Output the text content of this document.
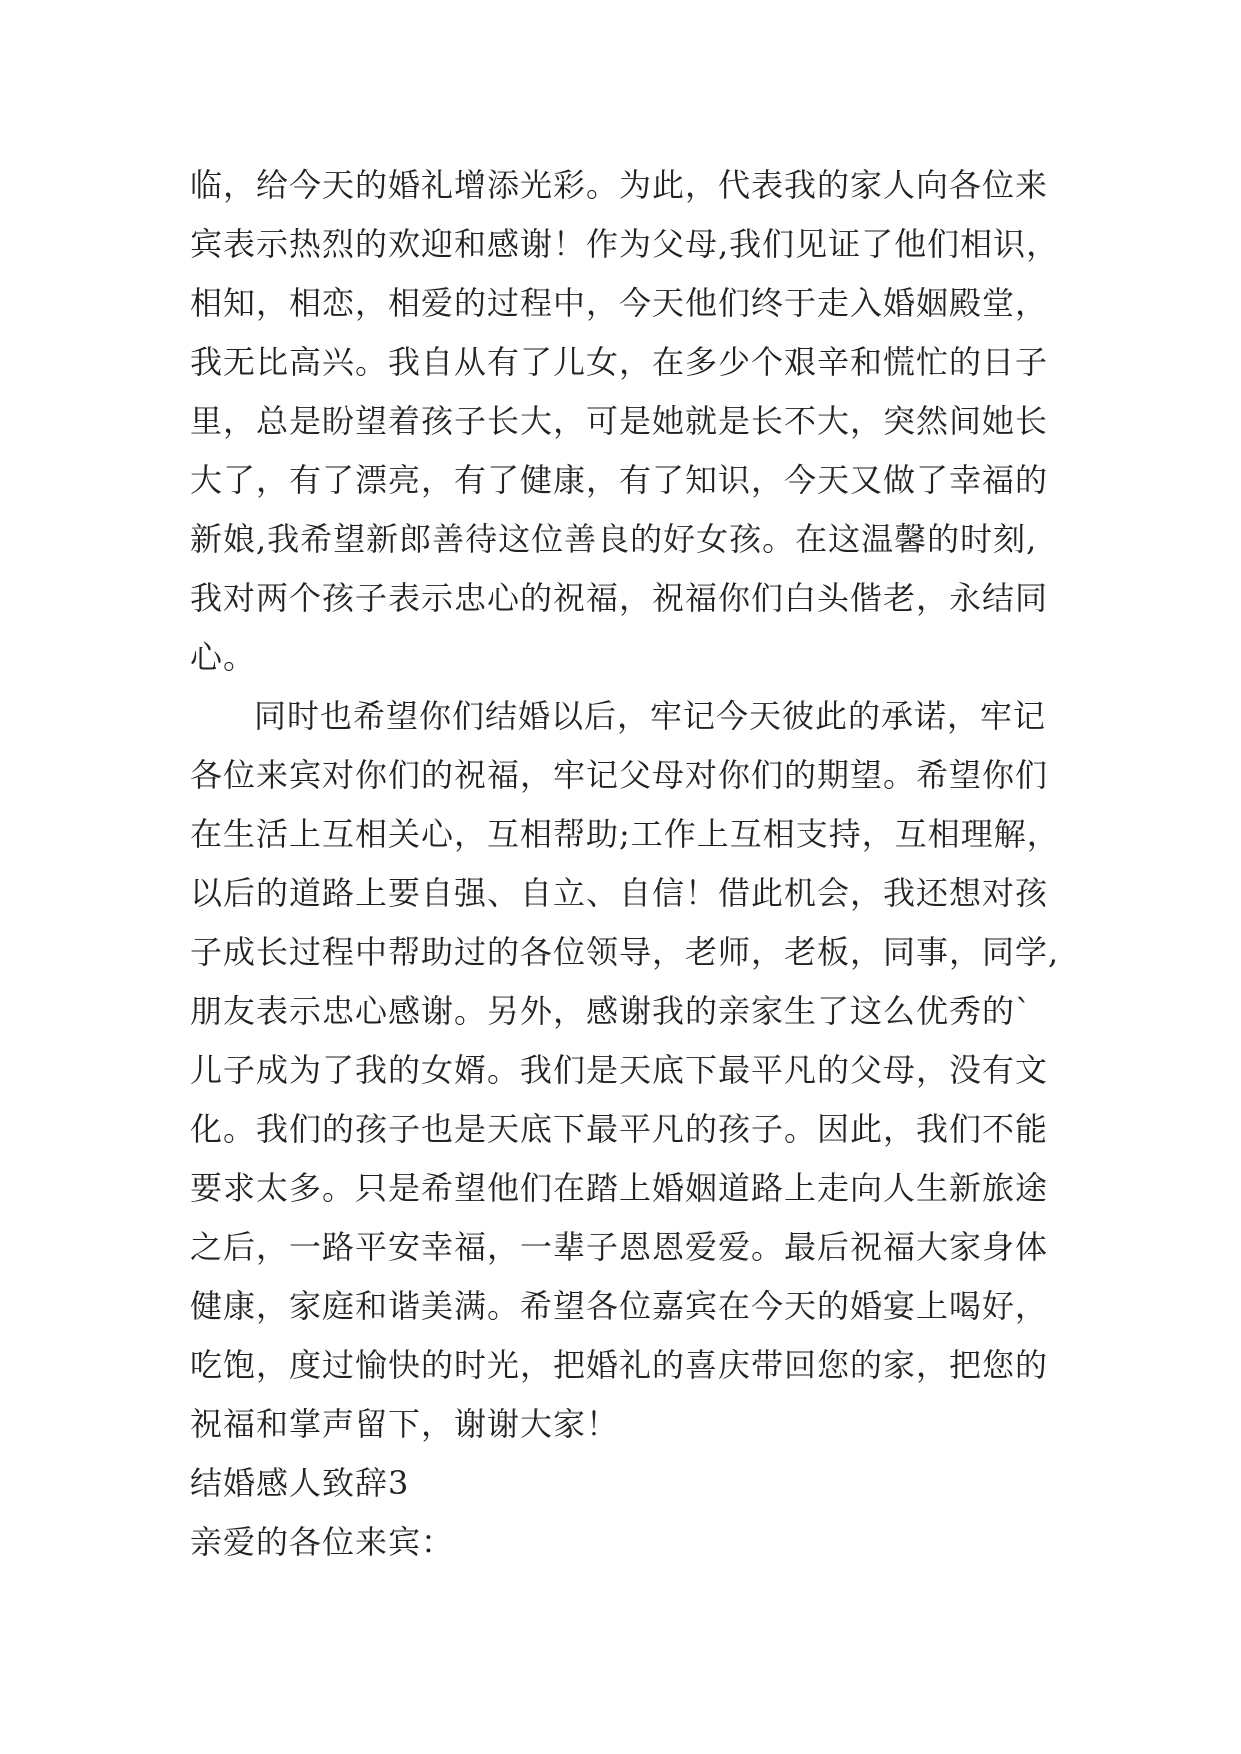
临，给今天的婚礼增添光彩。为此，代表我的家人向各位来
宾表示热烈的欢迎和感谢！作为父母,我们见证了他们相识，
相知，相恋，相爱的过程中，今天他们终于走入婚姻殿堂，
我无比高兴。我自从有了儿女，在多少个艰辛和慌忙的日子
里，总是盼望着孩子长大，可是她就是长不大，突然间她长
大了，有了漂亮，有了健康，有了知识，今天又做了幸福的
新娘,我希望新郎善待这位善良的好女孩。在这温馨的时刻,
我对两个孩子表示忠心的祝福，祝福你们白头偕老，永结同
心。
同时也希望你们结婚以后，牢记今天彼此的承诺，牢记
各位来宾对你们的祝福，牢记父母对你们的期望。希望你们
在生活上互相关心，互相帮助;工作上互相支持，互相理解，
以后的道路上要自强、自立、自信！借此机会，我还想对孩
子成长过程中帮助过的各位领导，老师，老板，同事，同学,
朋友表示忠心感谢。另外，感谢我的亲家生了这么优秀的`
儿子成为了我的女婿。我们是天底下最平凡的父母，没有文
化。我们的孩子也是天底下最平凡的孩子。因此，我们不能
要求太多。只是希望他们在踏上婚姻道路上走向人生新旅途
之后，一路平安幸福，一辈子恩恩爱爱。最后祝福大家身体
健康，家庭和谐美满。希望各位嘉宾在今天的婚宴上喝好，
吃饱，度过愉快的时光，把婚礼的喜庆带回您的家，把您的
祝福和掌声留下，谢谢大家！
结婚感人致辞3
亲爱的各位来宾：
